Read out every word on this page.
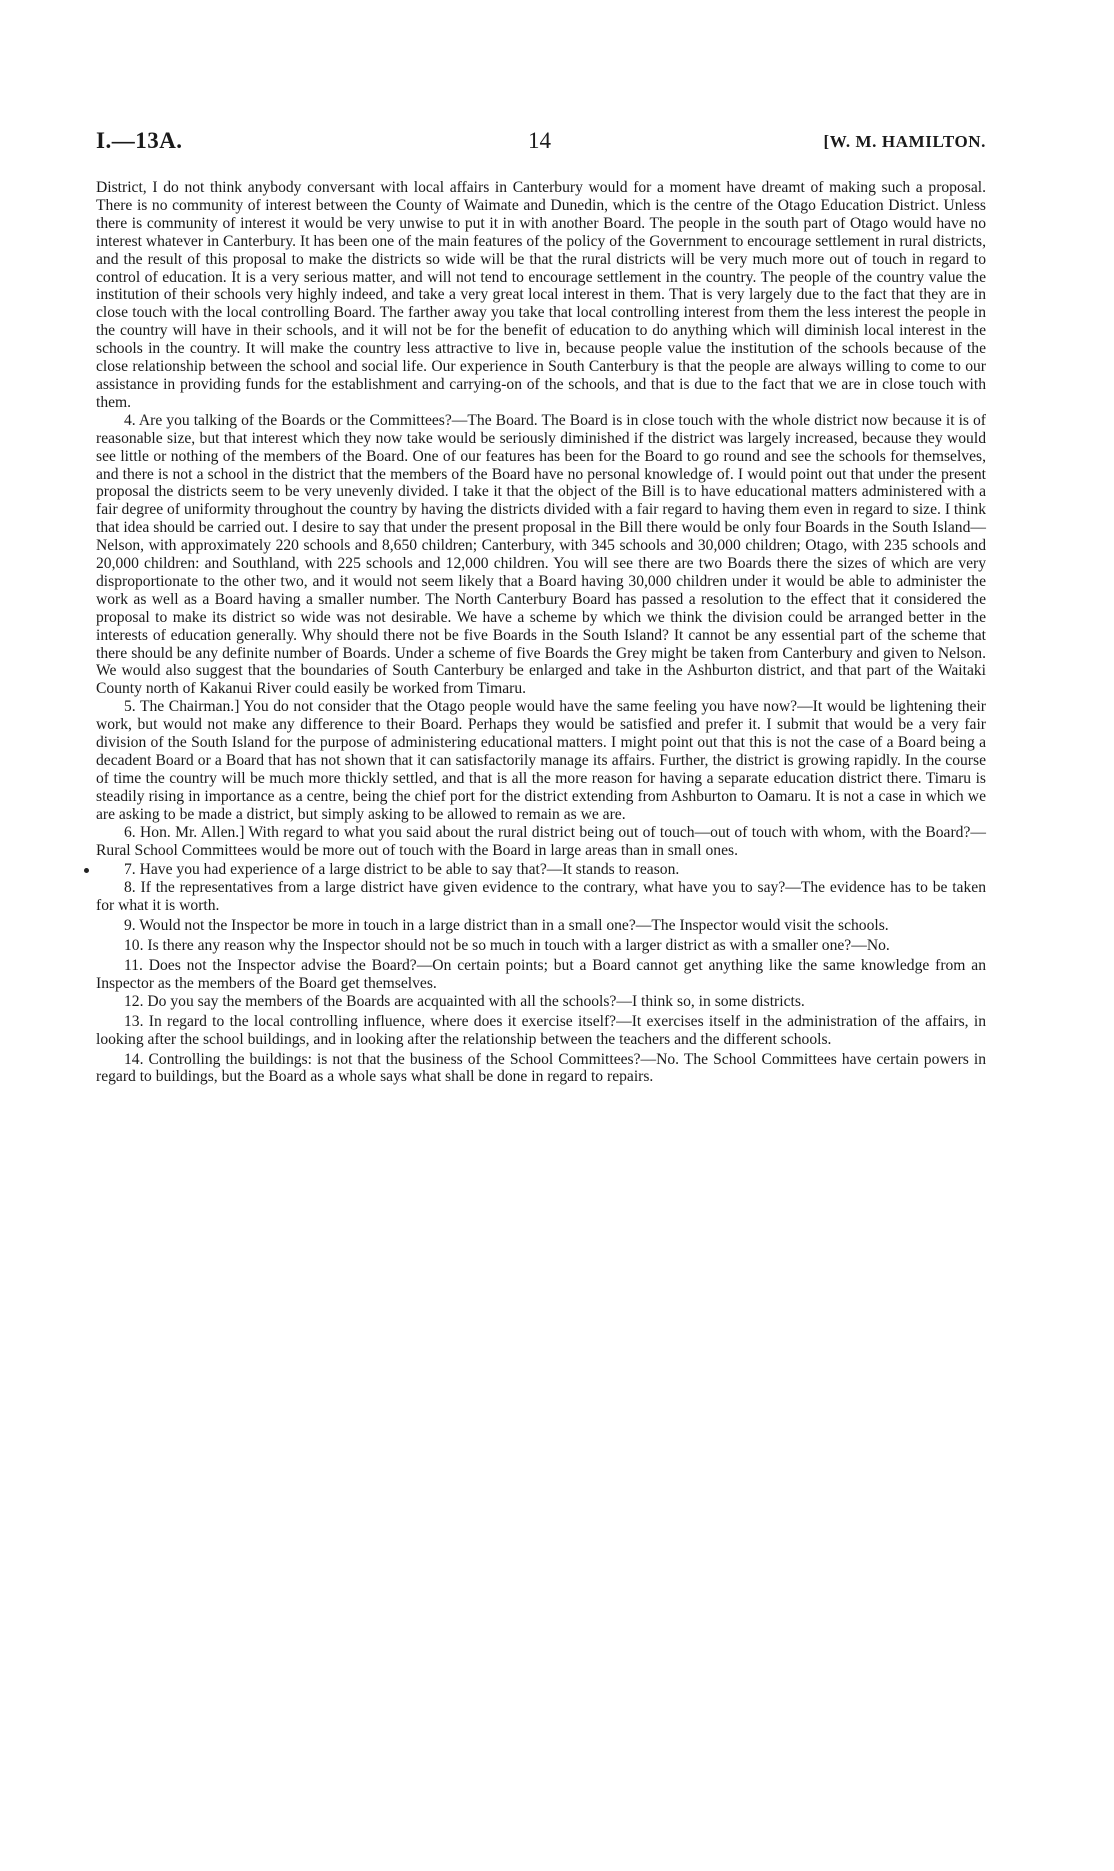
I.—13A.	14	[W. M. HAMILTON.

District, I do not think anybody conversant with local affairs in Canterbury would for a moment have dreamt of making such a proposal. There is no community of interest between the County of Waimate and Dunedin, which is the centre of the Otago Education District. Unless there is community of interest it would be very unwise to put it in with another Board. The people in the south part of Otago would have no interest whatever in Canterbury. It has been one of the main features of the policy of the Government to encourage settlement in rural districts, and the result of this proposal to make the districts so wide will be that the rural districts will be very much more out of touch in regard to control of education. It is a very serious matter, and will not tend to encourage settlement in the country. The people of the country value the institution of their schools very highly indeed, and take a very great local interest in them. That is very largely due to the fact that they are in close touch with the local controlling Board. The farther away you take that local controlling interest from them the less interest the people in the country will have in their schools, and it will not be for the benefit of education to do anything which will diminish local interest in the schools in the country. It will make the country less attractive to live in, because people value the institution of the schools because of the close relationship between the school and social life. Our experience in South Canterbury is that the people are always willing to come to our assistance in providing funds for the establishment and carrying-on of the schools, and that is due to the fact that we are in close touch with them.

4. Are you talking of the Boards or the Committees?—The Board. The Board is in close touch with the whole district now because it is of reasonable size, but that interest which they now take would be seriously diminished if the district was largely increased, because they would see little or nothing of the members of the Board. One of our features has been for the Board to go round and see the schools for themselves, and there is not a school in the district that the members of the Board have no personal knowledge of. I would point out that under the present proposal the districts seem to be very unevenly divided. I take it that the object of the Bill is to have educational matters administered with a fair degree of uniformity throughout the country by having the districts divided with a fair regard to having them even in regard to size. I think that idea should be carried out. I desire to say that under the present proposal in the Bill there would be only four Boards in the South Island—Nelson, with approximately 220 schools and 8,650 children; Canterbury, with 345 schools and 30,000 children; Otago, with 235 schools and 20,000 children: and Southland, with 225 schools and 12,000 children. You will see there are two Boards there the sizes of which are very disproportionate to the other two, and it would not seem likely that a Board having 30,000 children under it would be able to administer the work as well as a Board having a smaller number. The North Canterbury Board has passed a resolution to the effect that it considered the proposal to make its district so wide was not desirable. We have a scheme by which we think the division could be arranged better in the interests of education generally. Why should there not be five Boards in the South Island? It cannot be any essential part of the scheme that there should be any definite number of Boards. Under a scheme of five Boards the Grey might be taken from Canterbury and given to Nelson. We would also suggest that the boundaries of South Canterbury be enlarged and take in the Ashburton district, and that part of the Waitaki County north of Kakanui River could easily be worked from Timaru.

5. The Chairman.] You do not consider that the Otago people would have the same feeling you have now?—It would be lightening their work, but would not make any difference to their Board. Perhaps they would be satisfied and prefer it. I submit that would be a very fair division of the South Island for the purpose of administering educational matters. I might point out that this is not the case of a Board being a decadent Board or a Board that has not shown that it can satisfactorily manage its affairs. Further, the district is growing rapidly. In the course of time the country will be much more thickly settled, and that is all the more reason for having a separate education district there. Timaru is steadily rising in importance as a centre, being the chief port for the district extending from Ashburton to Oamaru. It is not a case in which we are asking to be made a district, but simply asking to be allowed to remain as we are.

6. Hon. Mr. Allen.] With regard to what you said about the rural district being out of touch—out of touch with whom, with the Board?—Rural School Committees would be more out of touch with the Board in large areas than in small ones.

7. Have you had experience of a large district to be able to say that?—It stands to reason.

8. If the representatives from a large district have given evidence to the contrary, what have you to say?—The evidence has to be taken for what it is worth.

9. Would not the Inspector be more in touch in a large district than in a small one?—The Inspector would visit the schools.

10. Is there any reason why the Inspector should not be so much in touch with a larger district as with a smaller one?—No.

11. Does not the Inspector advise the Board?—On certain points; but a Board cannot get anything like the same knowledge from an Inspector as the members of the Board get themselves.

12. Do you say the members of the Boards are acquainted with all the schools?—I think so, in some districts.

13. In regard to the local controlling influence, where does it exercise itself?—It exercises itself in the administration of the affairs, in looking after the school buildings, and in looking after the relationship between the teachers and the different schools.

14. Controlling the buildings: is not that the business of the School Committees?—No. The School Committees have certain powers in regard to buildings, but the Board as a whole says what shall be done in regard to repairs.
